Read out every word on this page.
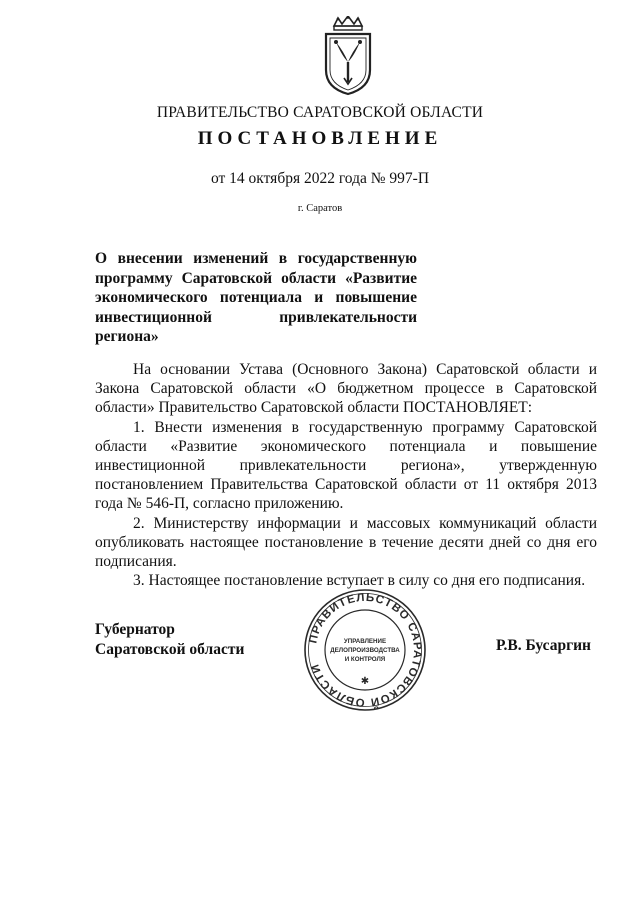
ПРАВИТЕЛЬСТВО САРАТОВСКОЙ ОБЛАСТИ
ПОСТАНОВЛЕНИЕ
от 14 октября 2022 года № 997-П
г. Саратов
О внесении изменений в государственную программу Саратовской области «Развитие экономического потенциала и повышение инвестиционной привлекательности региона»

На основании Устава (Основного Закона) Саратовской области и Закона Саратовской области «О бюджетном процессе в Саратовской области» Правительство Саратовской области ПОСТАНОВЛЯЕТ:

1. Внести изменения в государственную программу Саратовской области «Развитие экономического потенциала и повышение инвестиционной привлекательности региона», утвержденную постановлением Правительства Саратовской области от 11 октября 2013 года № 546-П, согласно приложению.

2. Министерству информации и массовых коммуникаций области опубликовать настоящее постановление в течение десяти дней со дня его подписания.

3. Настоящее постановление вступает в силу со дня его подписания.

Губернатор
Саратовской области	Р.В. Бусаргин
ПРАВИТЕЛЬСТВО САРАТОВСКОЙ ОБЛАСТИ
УПРАВЛЕНИЕ
ДЕЛОПРОИЗВОДСТВА
И КОНТРОЛЯ
✱
